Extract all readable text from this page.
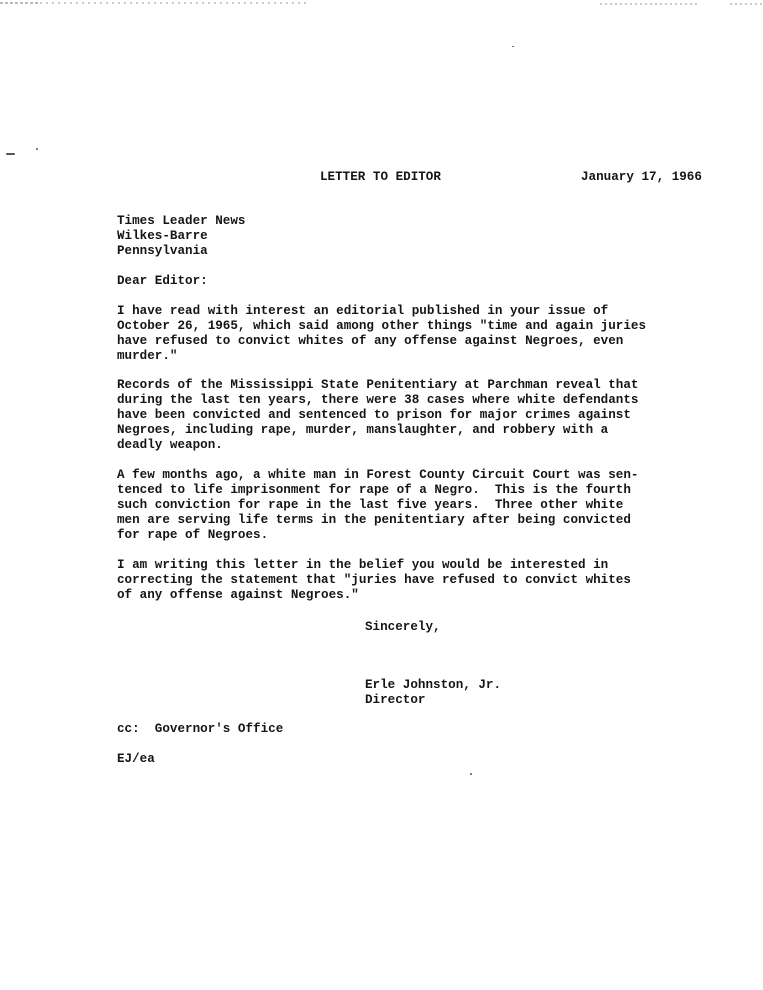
LETTER TO EDITOR	January 17, 1966
Times Leader News
Wilkes-Barre
Pennsylvania
Dear Editor:
I have read with interest an editorial published in your issue of
October 26, 1965, which said among other things "time and again juries
have refused to convict whites of any offense against Negroes, even
murder."
Records of the Mississippi State Penitentiary at Parchman reveal that
during the last ten years, there were 38 cases where white defendants
have been convicted and sentenced to prison for major crimes against
Negroes, including rape, murder, manslaughter, and robbery with a
deadly weapon.
A few months ago, a white man in Forest County Circuit Court was sen-
tenced to life imprisonment for rape of a Negro.  This is the fourth
such conviction for rape in the last five years.  Three other white
men are serving life terms in the penitentiary after being convicted
for rape of Negroes.
I am writing this letter in the belief you would be interested in
correcting the statement that "juries have refused to convict whites
of any offense against Negroes."
Sincerely,
Erle Johnston, Jr.
Director
cc:  Governor's Office
EJ/ea
